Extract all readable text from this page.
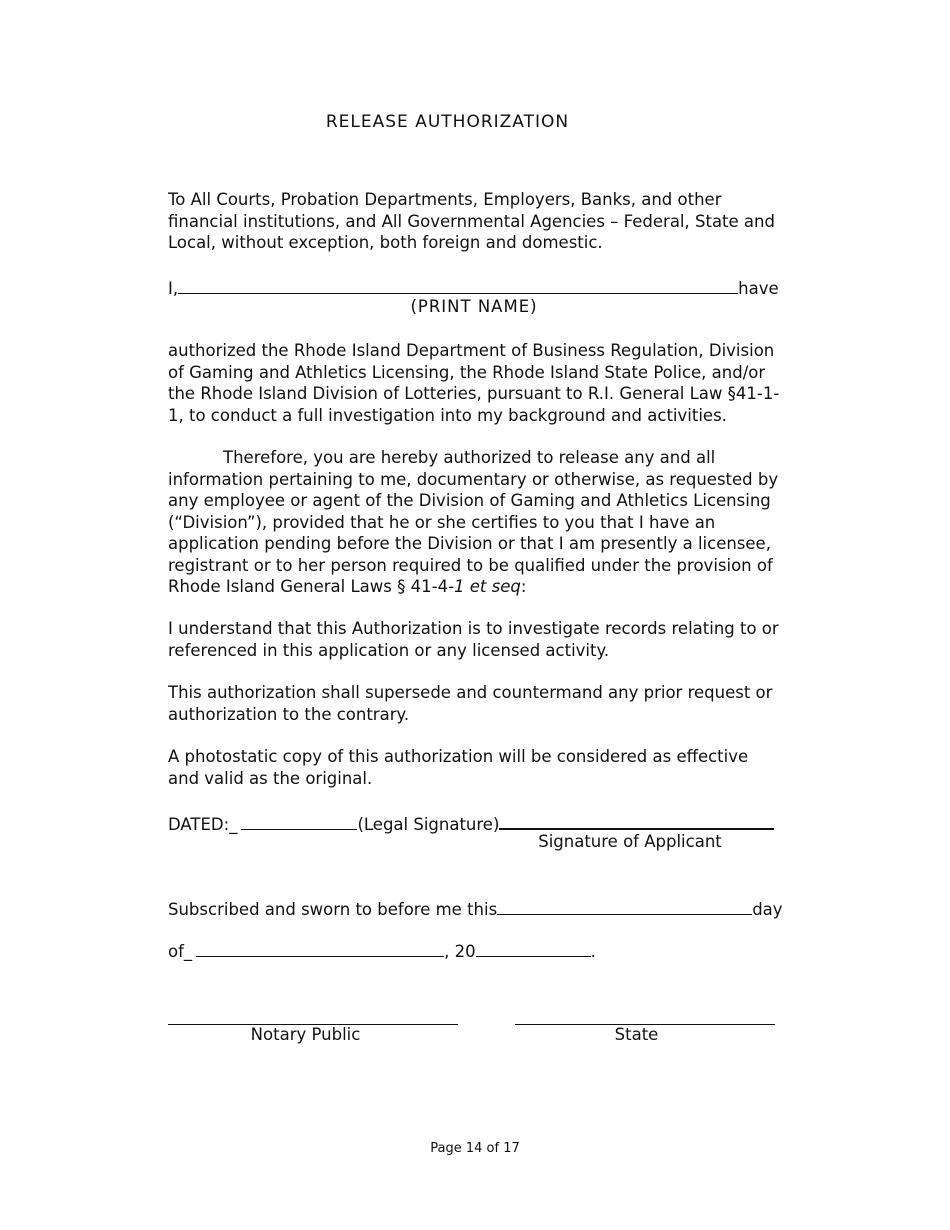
RELEASE AUTHORIZATION

To All Courts, Probation Departments, Employers, Banks, and other financial institutions, and All Governmental Agencies – Federal, State and Local, without exception, both foreign and domestic.

I,	have
(PRINT NAME)

authorized the Rhode Island Department of Business Regulation, Division of Gaming and Athletics Licensing, the Rhode Island State Police, and/or the Rhode Island Division of Lotteries, pursuant to R.I. General Law §41-1-1, to conduct a full investigation into my background and activities.

Therefore, you are hereby authorized to release any and all information pertaining to me, documentary or otherwise, as requested by any employee or agent of the Division of Gaming and Athletics Licensing (“Division”), provided that he or she certifies to you that I have an application pending before the Division or that I am presently a licensee, registrant or to her person required to be qualified under the provision of Rhode Island General Laws § 41-4-1 et seq:

I understand that this Authorization is to investigate records relating to or referenced in this application or any licensed activity.

This authorization shall supersede and countermand any prior request or authorization to the contrary.

A photostatic copy of this authorization will be considered as effective and valid as the original.

DATED:_	(Legal Signature)
Signature of Applicant
Subscribed and sworn to before me this	day
of_	, 20	.
Notary Public	State
Page 14 of 17
